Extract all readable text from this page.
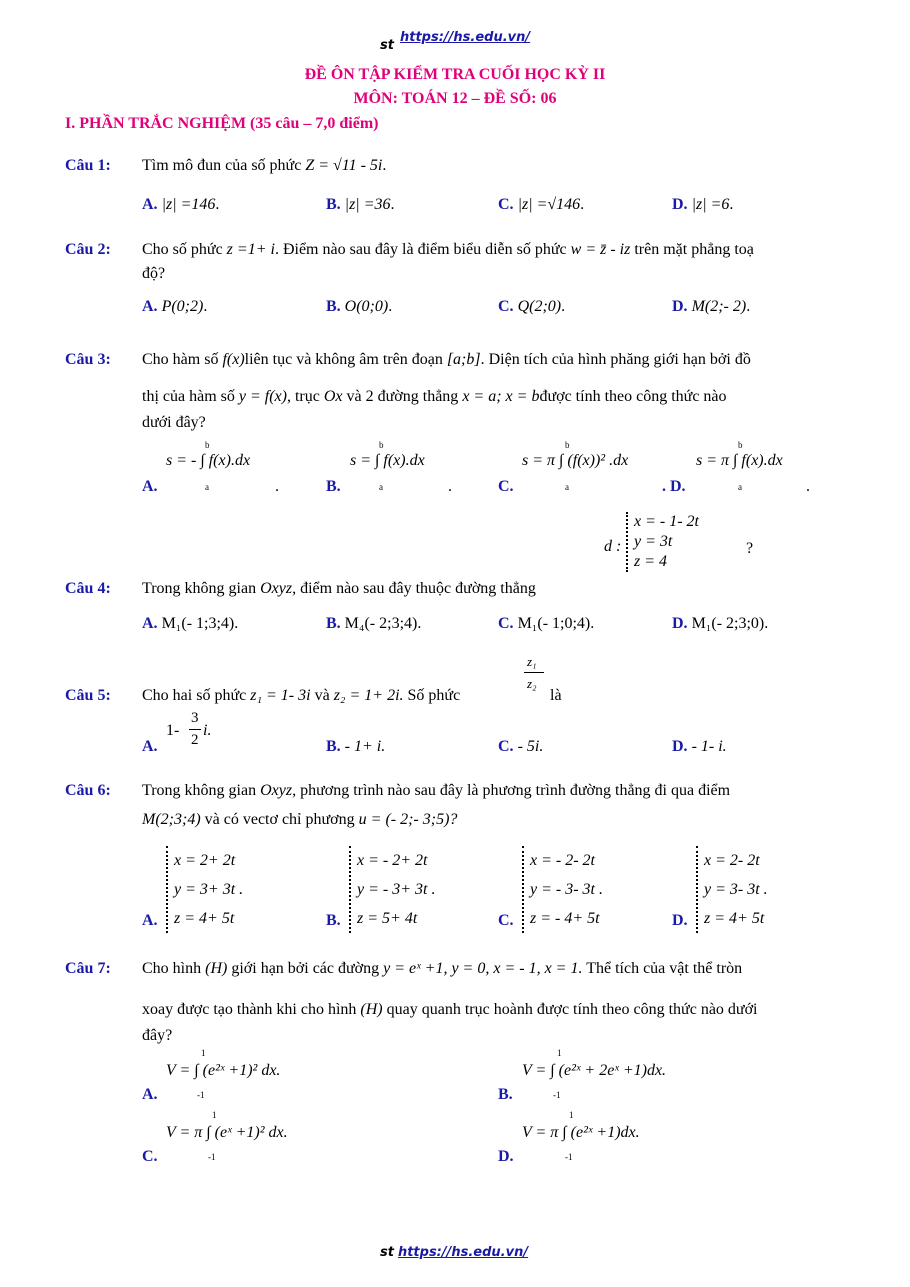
st
https://hs.edu.vn/
ĐỀ ÔN TẬP KIỂM TRA CUỐI HỌC KỲ II
MÔN: TOÁN 12 – ĐỀ SỐ: 06
I. PHẦN TRẮC NGHIỆM (35 câu – 7,0 điểm)
Câu 1: Tìm mô đun của số phức Z = √11 - 5i.
A. |z| =146.	B. |z| =36.	C. |z| =√146.	D. |z| =6.
Câu 2: Cho số phức z =1+ i. Điểm nào sau đây là điểm biểu diễn số phức w = z̄ - iz trên mặt phẳng toạ
độ?
A. P(0;2).	B. O(0;0).	C. Q(2;0).	D. M(2;- 2).
Câu 3: Cho hàm số f(x)liên tục và không âm trên đoạn [a;b]. Diện tích của hình phăng giới hạn bởi đồ
thị của hàm số y = f(x), trục Ox và 2 đường thẳng x = a; x = bđược tính theo công thức nào
dưới đây?
A.
s = - ∫ f(x).dx
b
a	.	B.
s = ∫ f(x).dx
b
a	.	C.
s = π ∫ (f(x))² .dx
b
a	. D.
s = π ∫ f(x).dx
b
a	.
d :
x = - 1- 2t
y = 3t
z = 4
?
Câu 4: Trong không gian Oxyz, điểm nào sau đây thuộc đường thẳng
A. M₁(- 1;3;4).	B. M₄(- 2;3;4).	C. M₁(- 1;0;4).	D. M₁(- 2;3;0).
Câu 5: Cho hai số phức z₁ = 1- 3i và z₂ = 1+ 2i. Số phức
z₁
z₂
là
A.
1-
3
2
i.
B. - 1+ i.	C. - 5i.	D. - 1- i.
Câu 6: Trong không gian Oxyz, phương trình nào sau đây là phương trình đường thẳng đi qua điểm
M(2;3;4) và có vectơ chỉ phương u = (- 2;- 3;5)?
A.
x = 2+ 2t
y = 3+ 3t .
z = 4+ 5t	B.
x = - 2+ 2t
y = - 3+ 3t .
z = 5+ 4t	C.
x = - 2- 2t
y = - 3- 3t .
z = - 4+ 5t	D.
x = 2- 2t
y = 3- 3t .
z = 4+ 5t
Câu 7: Cho hình (H) giới hạn bởi các đường y = eˣ +1, y = 0, x = - 1, x = 1. Thể tích của vật thể tròn
xoay được tạo thành khi cho hình (H) quay quanh trục hoành được tính theo công thức nào dưới
đây?
A.
V = ∫ (e²ˣ +1)² dx.
1
-1	B.
V = ∫ (e²ˣ + 2eˣ +1)dx.
1
-1
C.
V = π ∫ (eˣ +1)² dx.
1
-1	D.
V = π ∫ (e²ˣ +1)dx.
1
-1
st https://hs.edu.vn/
